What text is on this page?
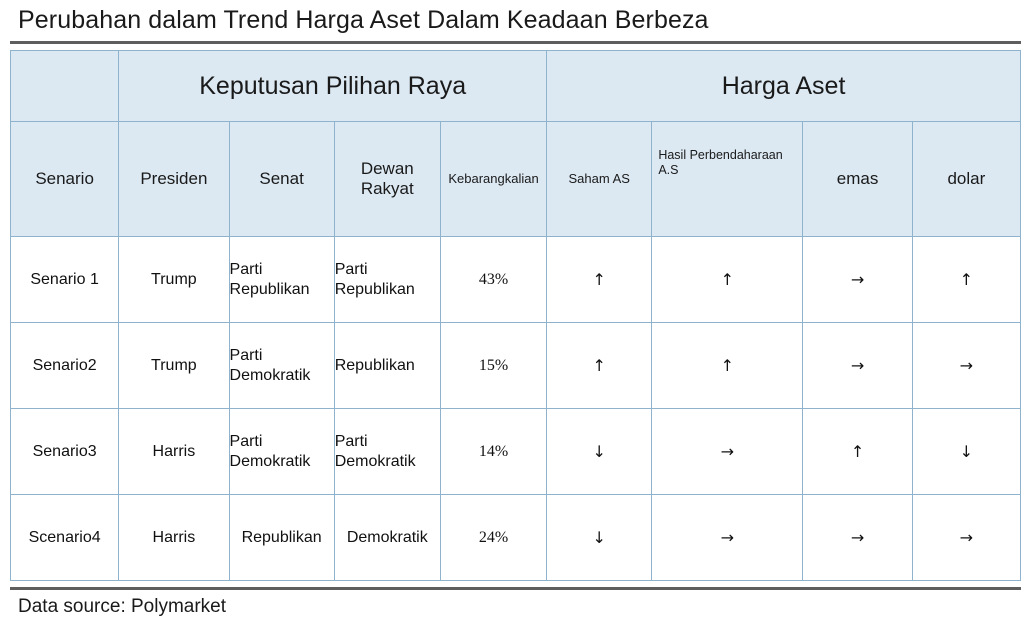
Perubahan dalam Trend Harga Aset Dalam Keadaan Berbeza
	Keputusan Pilihan Raya				Harga Aset			
Senario	Presiden	Senat	Dewan Rakyat	Kebarangkalian	Saham AS	Hasil Perbendaharaan A.S	emas	dolar
Senario 1	Trump	Parti Republikan	Parti Republikan	43%	↑	↑	→	↑
Senario2	Trump	Parti Demokratik	Republikan	15%	↑	↑	→	→
Senario3	Harris	Parti Demokratik	Parti Demokratik	14%	↓	→	↑	↓
Scenario4	Harris	Republikan	Demokratik	24%	↓	→	→	→
Data source: Polymarket
